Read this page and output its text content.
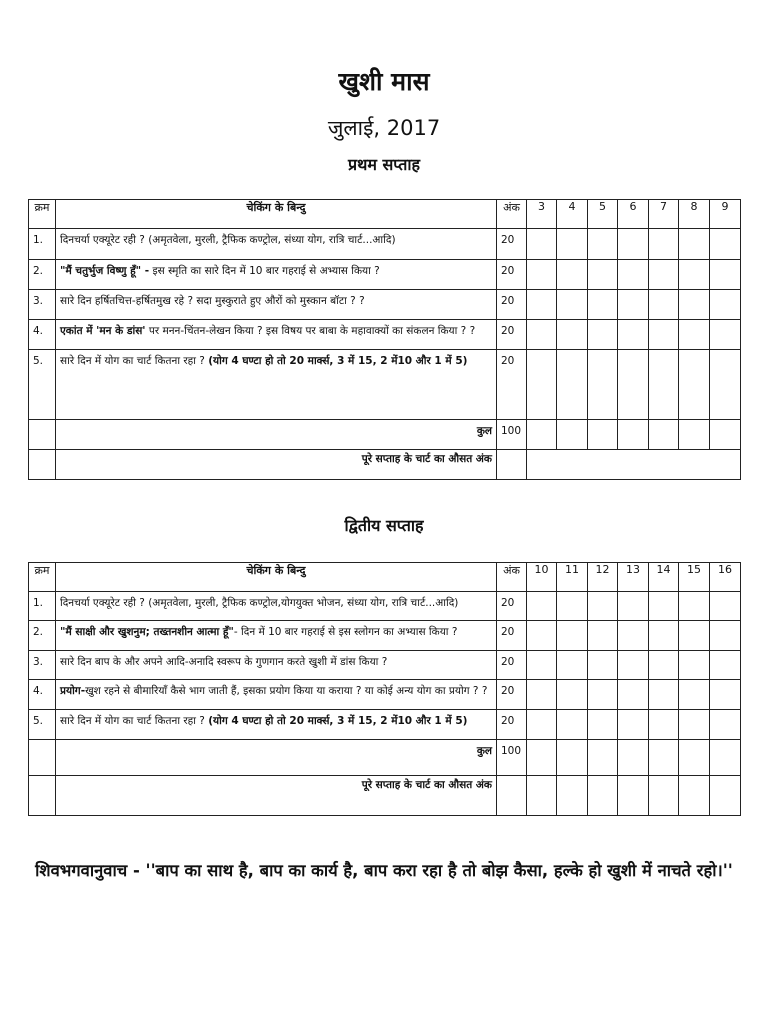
खुशी मास
जुलाई, 2017
प्रथम सप्ताह
क्रम	चेकिंग के बिन्दु	अंक	3	4	5	6	7	8	9
1.	दिनचर्या एक्यूरेट रही ? (अमृतवेला, मुरली, ट्रैफिक कण्ट्रोल, संध्या योग, रात्रि चार्ट...आदि)	20							
2.	"मैं चतुर्भुज विष्णु हूँ" - इस स्मृति का सारे दिन में 10 बार गहराई से अभ्यास किया ?	20							
3.	सारे दिन हर्षितचित्त-हर्षितमुख रहे ? सदा मुस्कुराते हुए औरों को मुस्कान बॉटा ? ?	20							
4.	एकांत में 'मन के डांस' पर मनन-चिंतन-लेखन किया ? इस विषय पर बाबा के महावाक्यों का संकलन किया ? ?	20							
5.	सारे दिन में योग का चार्ट कितना रहा ? (योग 4 घण्टा हो तो 20 मार्क्स, 3 में 15, 2 में10 और 1 में 5)	20							
	कुल	100							
	पूरे सप्ताह के चार्ट का औसत अंक								
द्वितीय सप्ताह
क्रम	चेकिंग के बिन्दु	अंक	10	11	12	13	14	15	16
1.	दिनचर्या एक्यूरेट रही ? (अमृतवेला, मुरली, ट्रैफिक कण्ट्रोल,योगयुक्त भोजन, संध्या योग, रात्रि चार्ट...आदि)	20							
2.	"मैं साक्षी और खुशनुम; तख्तनशीन आत्मा हूँ"- दिन में 10 बार गहराई से इस स्लोगन का अभ्यास किया ?	20							
3.	सारे दिन बाप के और अपने आदि-अनादि स्वरूप के गुणगान करते खुशी में डांस किया ?	20							
4.	प्रयोग-खुश रहने से बीमारियाँ कैसे भाग जाती हैं, इसका प्रयोग किया या कराया ? या कोई अन्य योग का प्रयोग ? ?	20							
5.	सारे दिन में योग का चार्ट कितना रहा ? (योग 4 घण्टा हो तो 20 मार्क्स, 3 में 15, 2 में10 और 1 में 5)	20							
	कुल	100							
	पूरे सप्ताह के चार्ट का औसत अंक								
शिवभगवानुवाच - ''बाप का साथ है, बाप का कार्य है, बाप करा रहा है तो बोझ कैसा, हल्के हो खुशी में नाचते रहो।''
